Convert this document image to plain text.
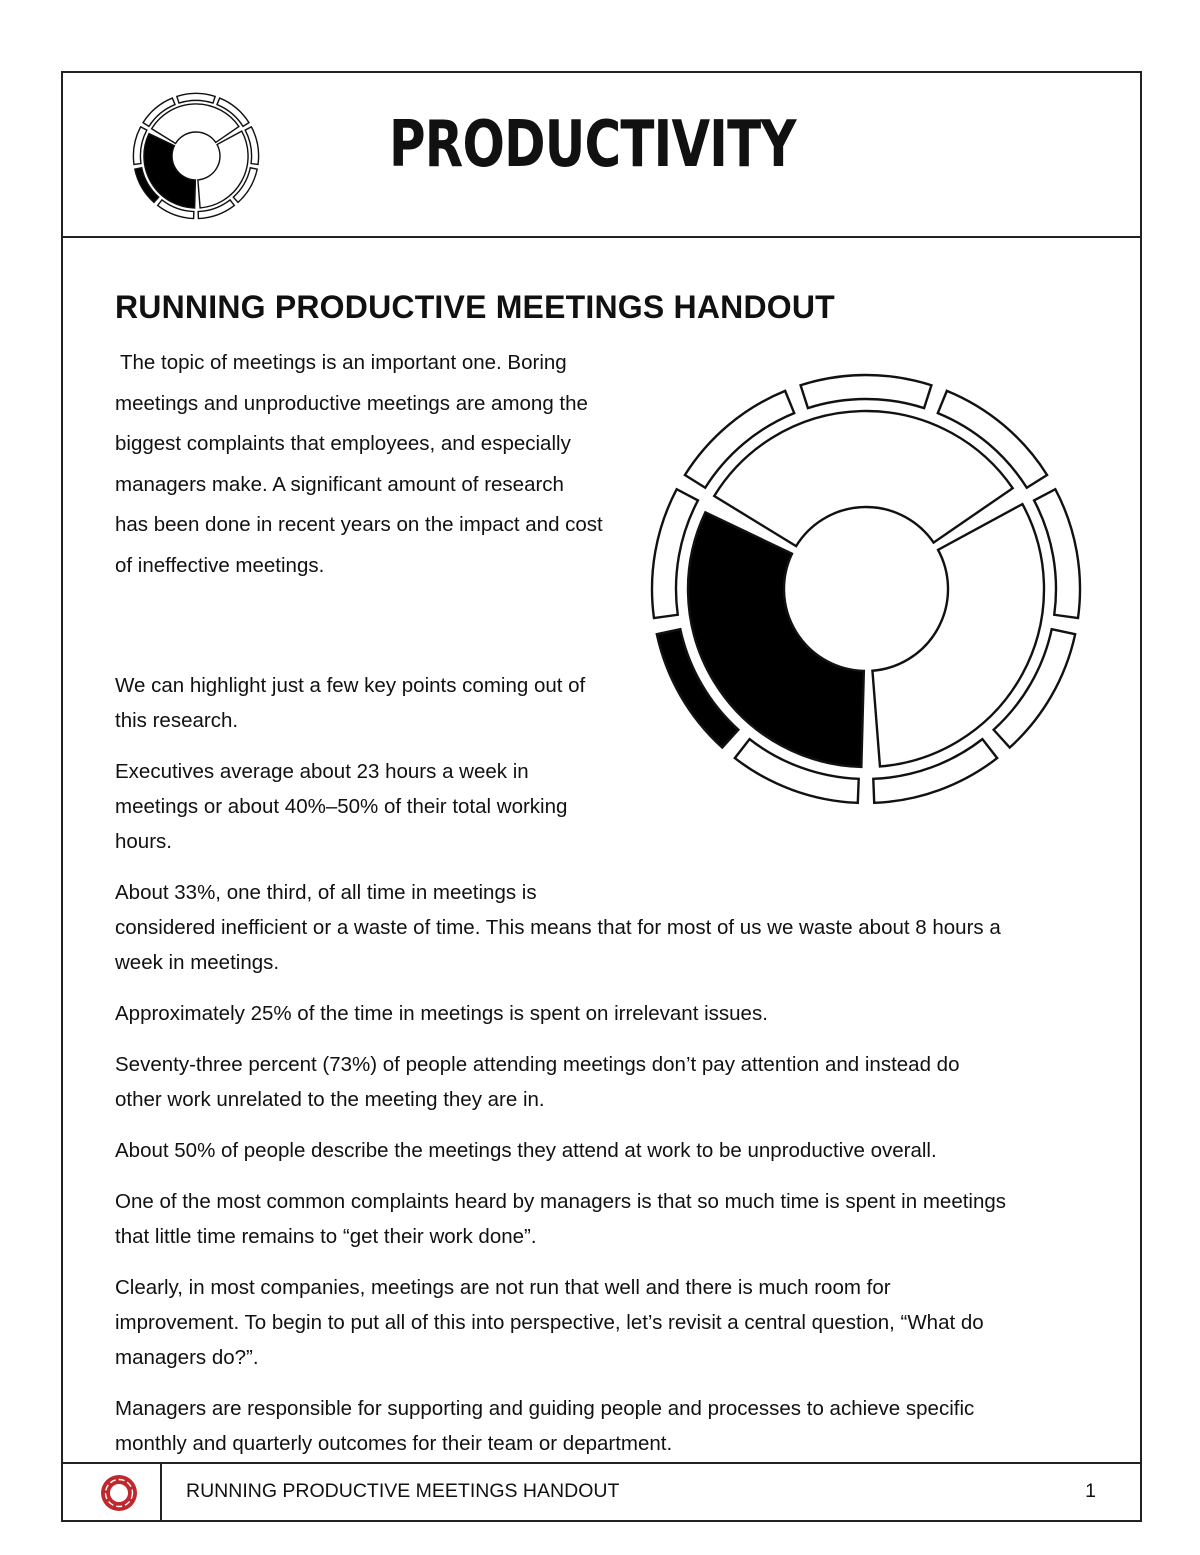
PRODUCTIVITY
RUNNING PRODUCTIVE MEETINGS HANDOUT
The topic of meetings is an important one. Boring
meetings and unproductive meetings are among the
biggest complaints that employees, and especially
managers make. A significant amount of research
has been done in recent years on the impact and cost
of ineffective meetings.
We can highlight just a few key points coming out of
this research.
Executives average about 23 hours a week in
meetings or about 40%–50% of their total working
hours.
About 33%, one third, of all time in meetings is
considered inefficient or a waste of time. This means that for most of us we waste about 8 hours a
week in meetings.
Approximately 25% of the time in meetings is spent on irrelevant issues.
Seventy-three percent (73%) of people attending meetings don’t pay attention and instead do
other work unrelated to the meeting they are in.
About 50% of people describe the meetings they attend at work to be unproductive overall.
One of the most common complaints heard by managers is that so much time is spent in meetings
that little time remains to “get their work done”.
Clearly, in most companies, meetings are not run that well and there is much room for
improvement. To begin to put all of this into perspective, let’s revisit a central question, “What do
managers do?”.
Managers are responsible for supporting and guiding people and processes to achieve specific
monthly and quarterly outcomes for their team or department.
RUNNING PRODUCTIVE MEETINGS HANDOUT	1
